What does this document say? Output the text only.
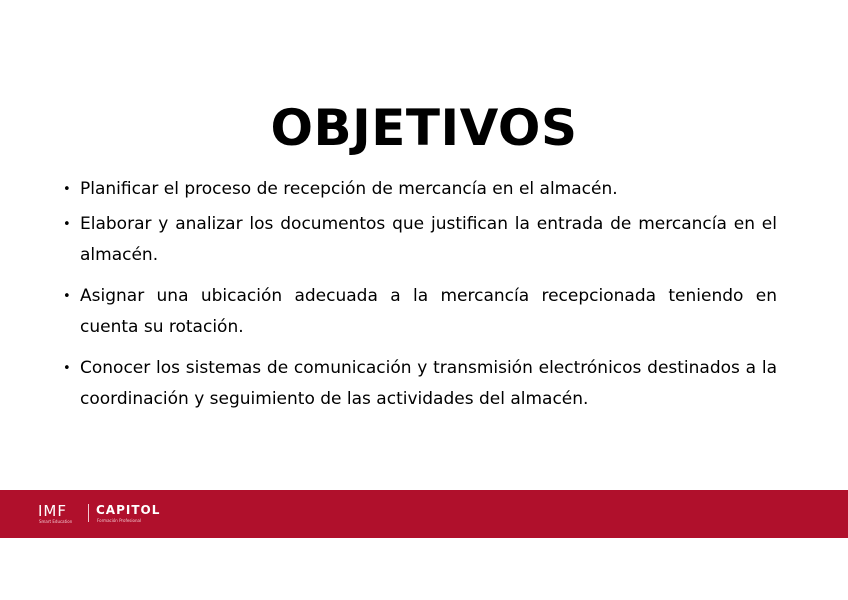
OBJETIVOS
• Planificar el proceso de recepción de mercancía en el almacén.
• Elaborar y analizar los documentos que justifican la entrada de mercancía en el almacén.
• Asignar una ubicación adecuada a la mercancía recepcionada teniendo en cuenta su rotación.
• Conocer los sistemas de comunicación y transmisión electrónicos destinados a la coordinación y seguimiento de las actividades del almacén.
IMF
Smart Education
CAPITOL
Formación Profesional
